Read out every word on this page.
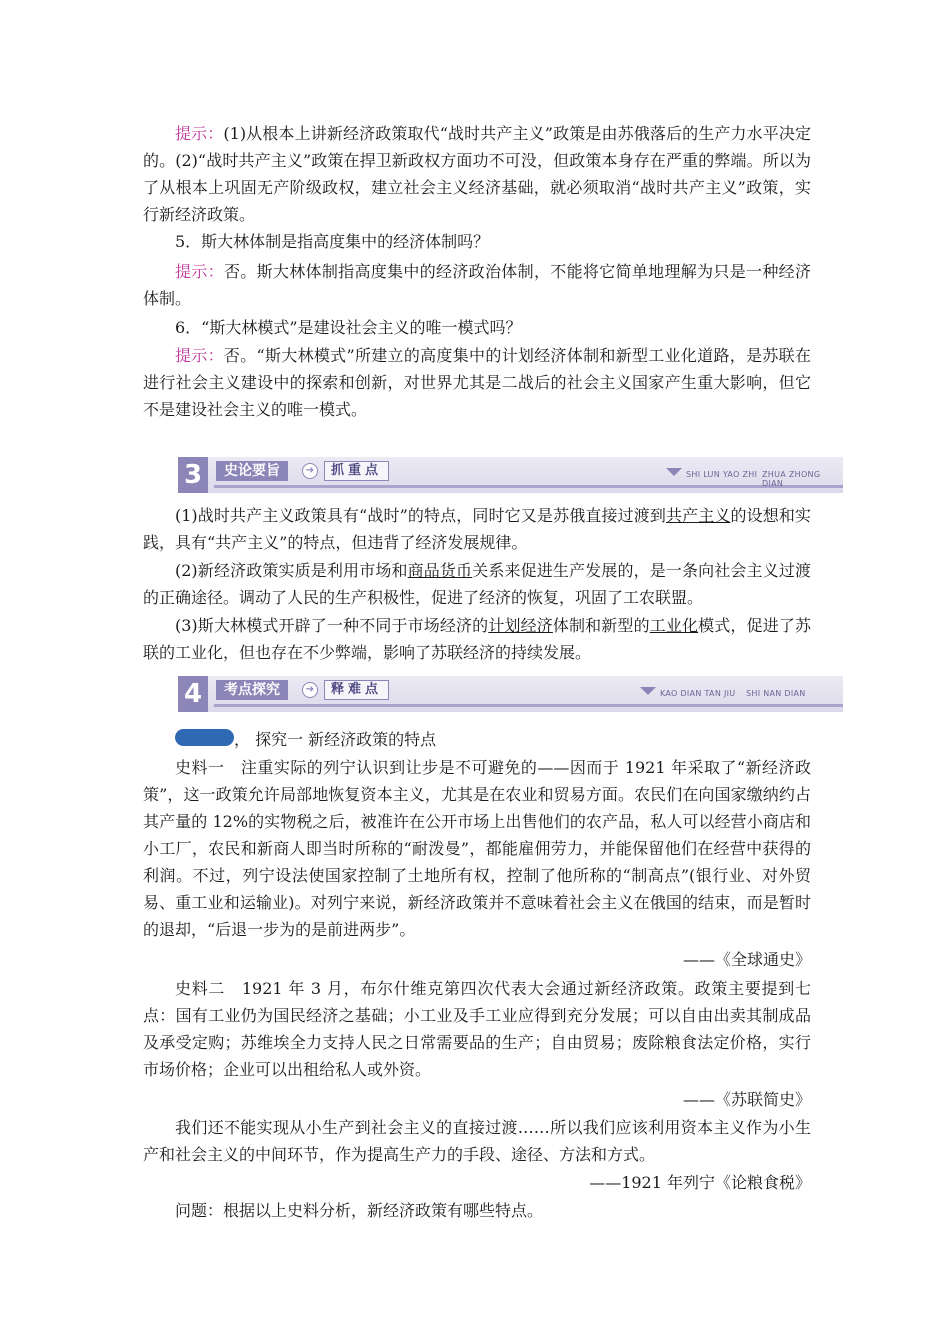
提示：(1)从根本上讲新经济政策取代“战时共产主义”政策是由苏俄落后的生产力水平决定的。(2)“战时共产主义”政策在捍卫新政权方面功不可没，但政策本身存在严重的弊端。所以为了从根本上巩固无产阶级政权，建立社会主义经济基础，就必须取消“战时共产主义”政策，实行新经济政策。

5．斯大林体制是指高度集中的经济体制吗？

提示：否。斯大林体制指高度集中的经济政治体制，不能将它简单地理解为只是一种经济体制。

6．“斯大林模式”是建设社会主义的唯一模式吗？

提示：否。“斯大林模式”所建立的高度集中的计划经济体制和新型工业化道路，是苏联在进行社会主义建设中的探索和创新，对世界尤其是二战后的社会主义国家产生重大影响，但它不是建设社会主义的唯一模式。

3	史论要旨	➔	抓重点	SHI LUN YAO ZHI ZHUA ZHONG DIAN

(1)战时共产主义政策具有“战时”的特点，同时它又是苏俄直接过渡到共产主义的设想和实践，具有“共产主义”的特点，但违背了经济发展规律。

(2)新经济政策实质是利用市场和商品货币关系来促进生产发展的，是一条向社会主义过渡的正确途径。调动了人民的生产积极性，促进了经济的恢复，巩固了工农联盟。

(3)斯大林模式开辟了一种不同于市场经济的计划经济体制和新型的工业化模式，促进了苏联的工业化，但也存在不少弊端，影响了苏联经济的持续发展。

4	考点探究	➔	释难点	KAO DIAN TAN JIU SHI NAN DIAN

， 探究一 新经济政策的特点

史料一　 注重实际的列宁认识到让步是不可避免的——因而于 1921 年采取了“新经济政策”，这一政策允许局部地恢复资本主义，尤其是在农业和贸易方面。农民们在向国家缴纳约占其产量的 12%的实物税之后，被准许在公开市场上出售他们的农产品，私人可以经营小商店和小工厂，农民和新商人即当时所称的“耐泼曼”，都能雇佣劳力，并能保留他们在经营中获得的利润。不过，列宁设法使国家控制了土地所有权，控制了他所称的“制高点”(银行业、对外贸易、重工业和运输业)。对列宁来说，新经济政策并不意味着社会主义在俄国的结束，而是暂时的退却，“后退一步为的是前进两步”。

——《全球通史》

史料二　 1921 年 3 月，布尔什维克第四次代表大会通过新经济政策。政策主要提到七点：国有工业仍为国民经济之基础；小工业及手工业应得到充分发展；可以自由出卖其制成品及承受定购；苏维埃全力支持人民之日常需要品的生产；自由贸易；废除粮食法定价格，实行市场价格；企业可以出租给私人或外资。

——《苏联简史》

我们还不能实现从小生产到社会主义的直接过渡……所以我们应该利用资本主义作为小生产和社会主义的中间环节，作为提高生产力的手段、途径、方法和方式。

——1921 年列宁《论粮食税》

问题：根据以上史料分析，新经济政策有哪些特点。
